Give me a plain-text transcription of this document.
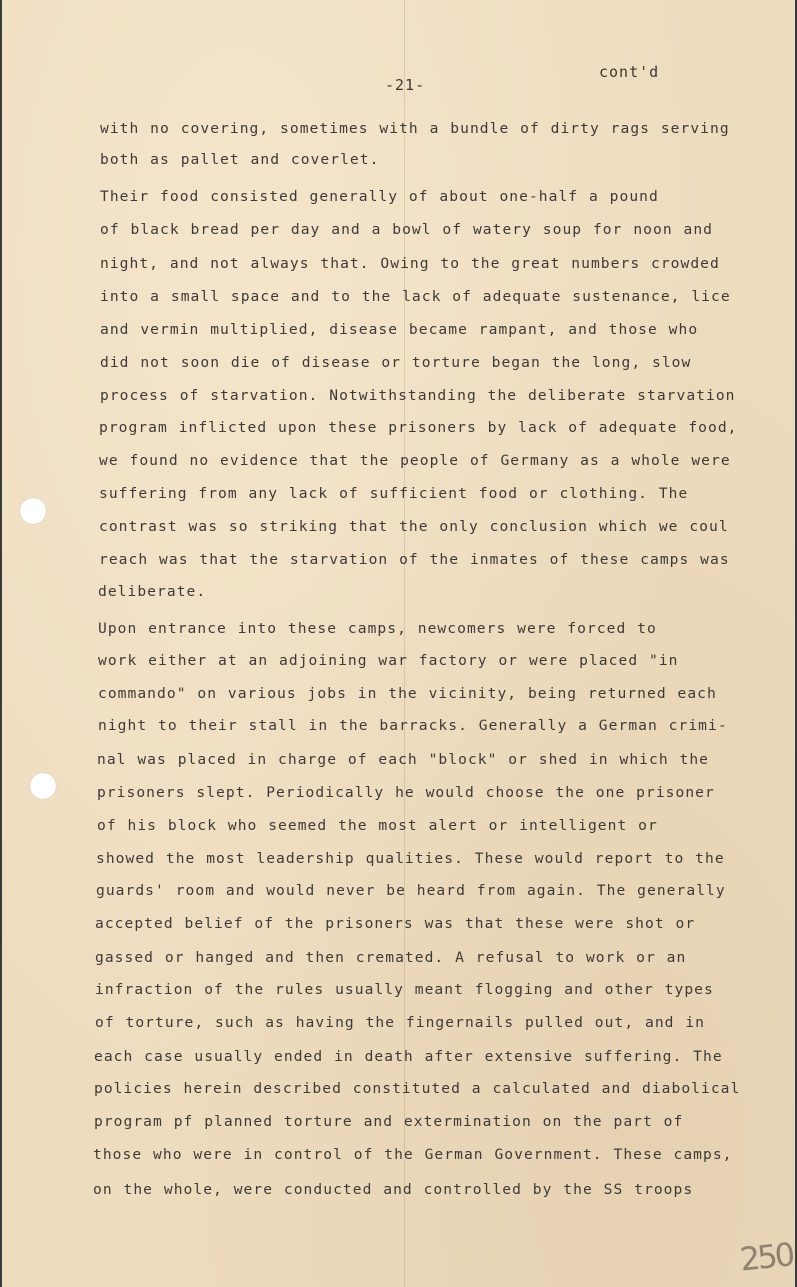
-21-

cont'd

with no covering, sometimes with a bundle of dirty rags serving

both as pallet and coverlet.

Their food consisted generally of about one-half a pound

of black bread per day and a bowl of watery soup for noon and

night, and not always that. Owing to the great numbers crowded

into a small space and to the lack of adequate sustenance, lice

and vermin multiplied, disease became rampant, and those who

did not soon die of disease or torture began the long, slow

process of starvation. Notwithstanding the deliberate starvation

program inflicted upon these prisoners by lack of adequate food,

we found no evidence that the people of Germany as a whole were

suffering from any lack of sufficient food or clothing. The

contrast was so striking that the only conclusion which we coul

reach was that the starvation of the inmates of these camps was

deliberate.

Upon entrance into these camps, newcomers were forced to

work either at an adjoining war factory or were placed "in

commando" on various jobs in the vicinity, being returned each

night to their stall in the barracks. Generally a German crimi-

nal was placed in charge of each "block" or shed in which the

prisoners slept. Periodically he would choose the one prisoner

of his block who seemed the most alert or intelligent or

showed the most leadership qualities. These would report to the

guards' room and would never be heard from again. The generally

accepted belief of the prisoners was that these were shot or

gassed or hanged and then cremated. A refusal to work or an

infraction of the rules usually meant flogging and other types

of torture, such as having the fingernails pulled out, and in

each case usually ended in death after extensive suffering. The

policies herein described constituted a calculated and diabolical

program pf planned torture and extermination on the part of

those who were in control of the German Government. These camps,

on the whole, were conducted and controlled by the SS troops

250
